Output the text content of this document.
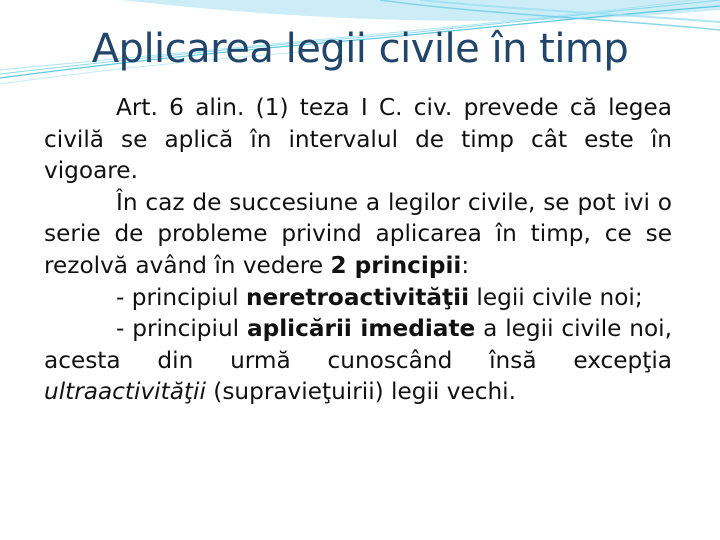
Aplicarea legii civile în timp

Art. 6 alin. (1) teza I C. civ. prevede că legea civilă se aplică în intervalul de timp cât este în vigoare.

În caz de succesiune a legilor civile, se pot ivi o serie de probleme privind aplicarea în timp, ce se rezolvă având în vedere 2 principii:

- principiul neretroactivităţii legii civile noi;

- principiul aplicării imediate a legii civile noi, acesta din urmă cunoscând însă excepţia ultraactivităţii (supravieţuirii) legii vechi.
